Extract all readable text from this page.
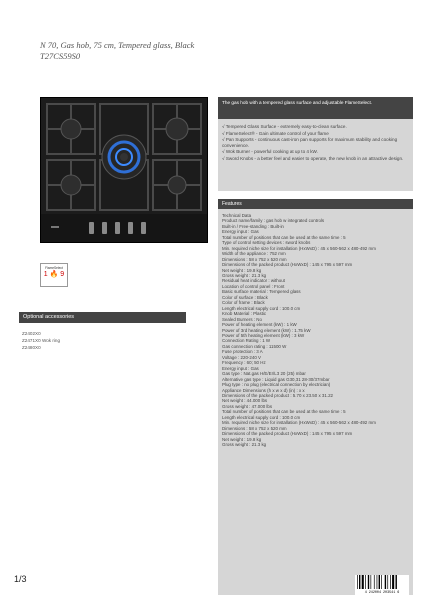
N 70, Gas hob, 75 cm, Tempered glass, Black
T27CS59S0
FlameSelect
1 🔥 9
Optional accessories
Z2402X0
Z2471X0Wok ring
Z2480X0
The gas hob with a tempered glass surface and adjustable FlameSelect.
√ Tempered Glass Surface - extremely easy-to-clean surface.
√ FlameSelect® - Gain ultimate control of your flame
√ Pan Supports - continuous cast-iron pan supports for maximum stability and cooking convenience.
√ Wok Burner - powerful cooking at up to 4 kW.
√ Sword Knobs - a better feel and easier to operate, the new knob in an attractive design.
Features
Technical Data
Product name/family : gas hob w integrated controls
Built-in / Free-standing : Built-in
Energy input : Gas
Total number of positions that can be used at the same time : 5
Type of control setting devices : sword knobs
Min. required niche size for installation (HxWxD) : 45 x 560-562 x 480-492 mm
Width of the appliance : 752 mm
Dimensions : 58 x 752 x 520 mm
Dimensions of the packed product (HxWxD) : 145 x 795 x 597 mm
Net weight : 19.8 kg
Gross weight : 21.3 kg
Residual heat indicator : without
Location of control panel : Front
Basic surface material : Tempered glass
Color of surface : Black
Color of frame : Black
Length electrical supply cord : 100.0 cm
Knob Material : Plastic
Sealed Burners : No
Power of heating element (kW) : 1 kW
Power of 3rd heating element (kW) : 1.75 kW
Power of 5th heating element (kW) : 3 kW
Connection Rating : 1 W
Gas connection rating : 11500 W
Fuse protection : 3 A
Voltage : 220-240 V
Frequency : 60; 50 Hz
Energy input : Gas
Gas type : Nat.gas H/E/Er/L3 20 (25) mbar
Alternative gas type : Liquid gas G30,31 28-30/37mbar
Plug type : no plug (electrical connection by electrician)
Appliance Dimensions (h x w x d) (in) : x x
Dimensions of the packed product : 5.70 x 23.50 x 31.22
Net weight : 44.000 lbs
Gross weight : 47.000 lbs
Total number of positions that can be used at the same time : 5
Length electrical supply cord : 100.0 cm
Min. required niche size for installation (HxWxD) : 45 x 560-562 x 480-492 mm
Dimensions : 58 x 752 x 520 mm
Dimensions of the packed product (HxWxD) : 145 x 795 x 597 mm
Net weight : 19.8 kg
Gross weight : 21.3 kg
4 242004 203541 6
1/3
